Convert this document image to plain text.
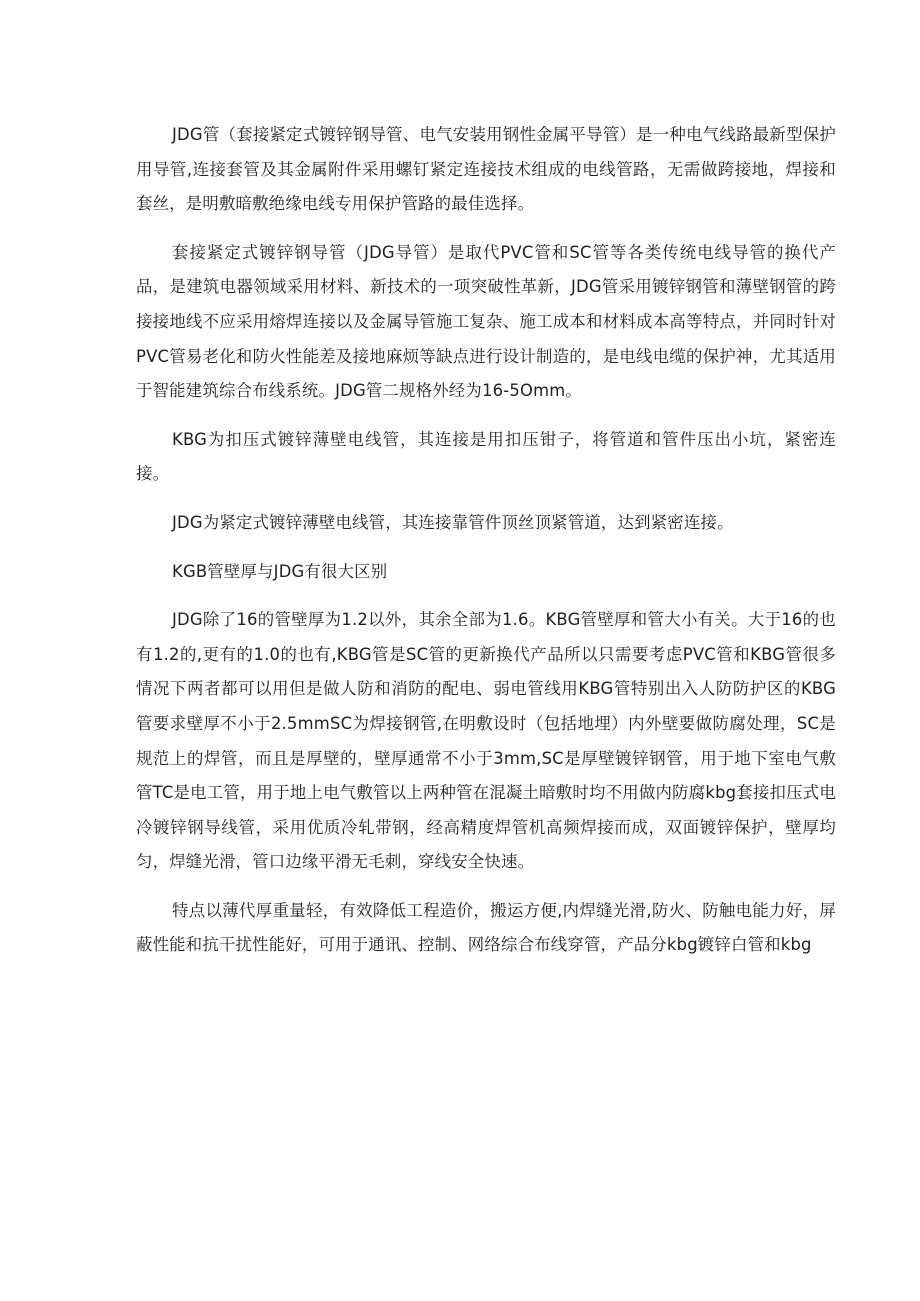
JDG管（套接紧定式镀锌钢导管、电气安装用钢性金属平导管）是一种电气线路最新型保护用导管,连接套管及其金属附件采用螺钉紧定连接技术组成的电线管路，无需做跨接地，焊接和套丝，是明敷暗敷绝缘电线专用保护管路的最佳选择。

套接紧定式镀锌钢导管（JDG导管）是取代PVC管和SC管等各类传统电线导管的换代产品，是建筑电器领域采用材料、新技术的一项突破性革新，JDG管采用镀锌钢管和薄壁钢管的跨接接地线不应采用熔焊连接以及金属导管施工复杂、施工成本和材料成本高等特点，并同时针对PVC管易老化和防火性能差及接地麻烦等缺点进行设计制造的，是电线电缆的保护神，尤其适用于智能建筑综合布线系统。JDG管二规格外经为16-5Omm。

KBG为扣压式镀锌薄壁电线管，其连接是用扣压钳子，将管道和管件压出小坑，紧密连接。

JDG为紧定式镀锌薄壁电线管，其连接靠管件顶丝顶紧管道，达到紧密连接。

KGB管壁厚与JDG有很大区别

JDG除了16的管壁厚为1.2以外，其余全部为1.6。KBG管壁厚和管大小有关。大于16的也有1.2的,更有的1.0的也有,KBG管是SC管的更新换代产品所以只需要考虑PVC管和KBG管很多情况下两者都可以用但是做人防和消防的配电、弱电管线用KBG管特别出入人防防护区的KBG管要求壁厚不小于2.5mmSC为焊接钢管,在明敷设时（包括地埋）内外壁要做防腐处理，SC是规范上的焊管，而且是厚壁的，壁厚通常不小于3mm,SC是厚壁镀锌钢管，用于地下室电气敷管TC是电工管，用于地上电气敷管以上两种管在混凝土暗敷时均不用做内防腐kbg套接扣压式电冷镀锌钢导线管，采用优质冷轧带钢，经高精度焊管机高频焊接而成，双面镀锌保护，壁厚均匀，焊缝光滑，管口边缘平滑无毛刺，穿线安全快速。

特点以薄代厚重量轻，有效降低工程造价，搬运方便,内焊缝光滑,防火、防触电能力好，屏蔽性能和抗干扰性能好，可用于通讯、控制、网络综合布线穿管，产品分kbg镀锌白管和kbg
